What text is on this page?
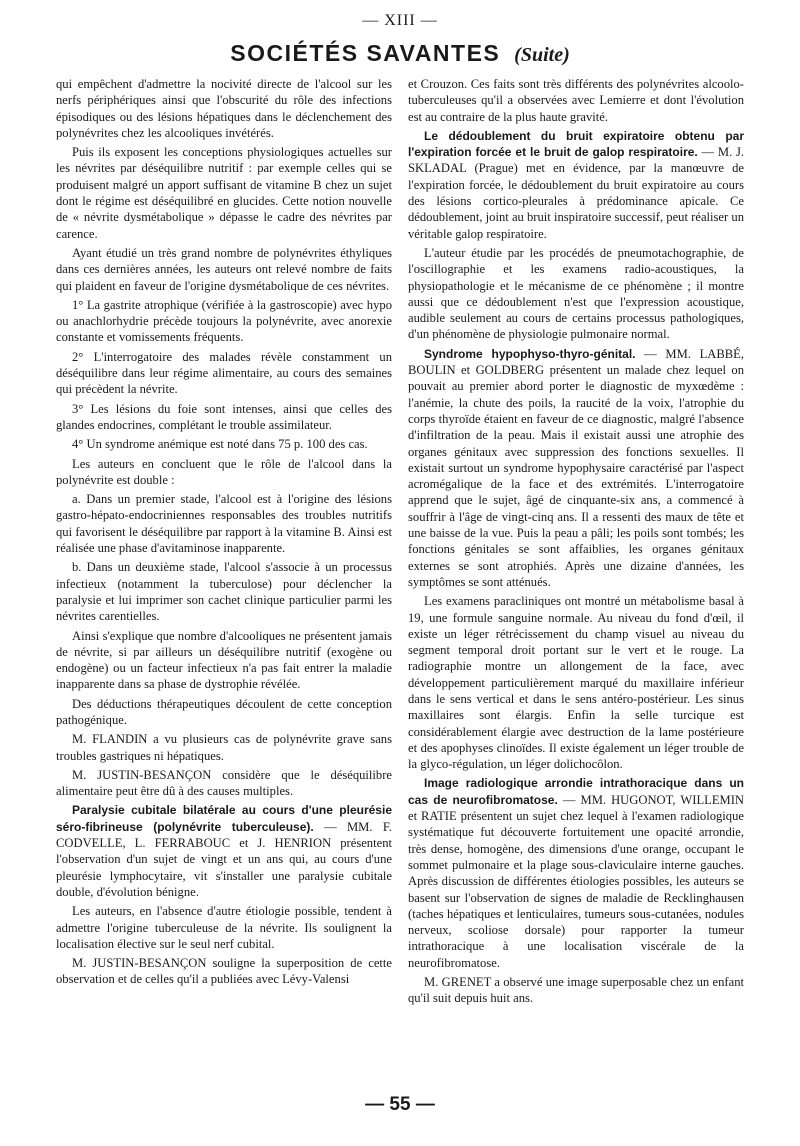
— XIII —
SOCIÉTÉS SAVANTES (Suite)

qui empêchent d'admettre la nocivité directe de l'alcool sur les nerfs périphériques ainsi que l'obscurité du rôle des infections épisodiques ou des lésions hépatiques dans le déclenchement des polynévrites chez les alcooliques invétérés.

Puis ils exposent les conceptions physiologiques actuelles sur les névrites par déséquilibre nutritif : par exemple celles qui se produisent malgré un apport suffisant de vitamine B chez un sujet dont le régime est déséquilibré en glucides. Cette notion nouvelle de « névrite dysmétabolique » dépasse le cadre des névrites par carence.

Ayant étudié un très grand nombre de polynévrites éthyliques dans ces dernières années, les auteurs ont relevé nombre de faits qui plaident en faveur de l'origine dysmétabolique de ces névrites.

1° La gastrite atrophique (vérifiée à la gastroscopie) avec hypo ou anachlorhydrie précède toujours la polynévrite, avec anorexie constante et vomissements fréquents.

2° L'interrogatoire des malades révèle constamment un déséquilibre dans leur régime alimentaire, au cours des semaines qui précèdent la névrite.

3° Les lésions du foie sont intenses, ainsi que celles des glandes endocrines, complétant le trouble assimilateur.

4° Un syndrome anémique est noté dans 75 p. 100 des cas.

Les auteurs en concluent que le rôle de l'alcool dans la polynévrite est double :

a. Dans un premier stade, l'alcool est à l'origine des lésions gastro-hépato-endocriniennes responsables des troubles nutritifs qui favorisent le déséquilibre par rapport à la vitamine B. Ainsi est réalisée une phase d'avitaminose inapparente.

b. Dans un deuxième stade, l'alcool s'associe à un processus infectieux (notamment la tuberculose) pour déclencher la paralysie et lui imprimer son cachet clinique particulier parmi les névrites carentielles.

Ainsi s'explique que nombre d'alcooliques ne présentent jamais de névrite, si par ailleurs un déséquilibre nutritif (exogène ou endogène) ou un facteur infectieux n'a pas fait entrer la maladie inapparente dans sa phase de dystrophie révélée.

Des déductions thérapeutiques découlent de cette conception pathogénique.

M. FLANDIN a vu plusieurs cas de polynévrite grave sans troubles gastriques ni hépatiques.

M. JUSTIN-BESANÇON considère que le déséquilibre alimentaire peut être dû à des causes multiples.

Paralysie cubitale bilatérale au cours d'une pleurésie séro-fibrineuse (polynévrite tuberculeuse). — MM. F. CODVELLE, L. FERRABOUC et J. HENRION présentent l'observation d'un sujet de vingt et un ans qui, au cours d'une pleurésie lymphocytaire, vit s'installer une paralysie cubitale double, d'évolution bénigne.

Les auteurs, en l'absence d'autre étiologie possible, tendent à admettre l'origine tuberculeuse de la névrite. Ils soulignent la localisation élective sur le seul nerf cubital.

M. JUSTIN-BESANÇON souligne la superposition de cette observation et de celles qu'il a publiées avec Lévy-Valensi

et Crouzon. Ces faits sont très différents des polynévrites alcoolo-tuberculeuses qu'il a observées avec Lemierre et dont l'évolution est au contraire de la plus haute gravité.

Le dédoublement du bruit expiratoire obtenu par l'expiration forcée et le bruit de galop respiratoire. — M. J. SKLADAL (Prague) met en évidence, par la manœuvre de l'expiration forcée, le dédoublement du bruit expiratoire au cours des lésions cortico-pleurales à prédominance apicale. Ce dédoublement, joint au bruit inspiratoire successif, peut réaliser un véritable galop respiratoire.

L'auteur étudie par les procédés de pneumotachographie, de l'oscillographie et les examens radio-acoustiques, la physiopathologie et le mécanisme de ce phénomène ; il montre aussi que ce dédoublement n'est que l'expression acoustique, audible seulement au cours de certains processus pathologiques, d'un phénomène de physiologie pulmonaire normal.

Syndrome hypophyso-thyro-génital. — MM. LABBÉ, BOULIN et GOLDBERG présentent un malade chez lequel on pouvait au premier abord porter le diagnostic de myxœdème : l'anémie, la chute des poils, la raucité de la voix, l'atrophie du corps thyroïde étaient en faveur de ce diagnostic, malgré l'absence d'infiltration de la peau. Mais il existait aussi une atrophie des organes génitaux avec suppression des fonctions sexuelles. Il existait surtout un syndrome hypophysaire caractérisé par l'aspect acromégalique de la face et des extrémités. L'interrogatoire apprend que le sujet, âgé de cinquante-six ans, a commencé à souffrir à l'âge de vingt-cinq ans. Il a ressenti des maux de tête et une baisse de la vue. Puis la peau a pâli; les poils sont tombés; les fonctions génitales se sont affaiblies, les organes génitaux externes se sont atrophiés. Après une dizaine d'années, les symptômes se sont atténués.

Les examens paracliniques ont montré un métabolisme basal à 19, une formule sanguine normale. Au niveau du fond d'œil, il existe un léger rétrécissement du champ visuel au niveau du segment temporal droit portant sur le vert et le rouge. La radiographie montre un allongement de la face, avec développement particulièrement marqué du maxillaire inférieur dans le sens vertical et dans le sens antéro-postérieur. Les sinus maxillaires sont élargis. Enfin la selle turcique est considérablement élargie avec destruction de la lame postérieure et des apophyses clinoïdes. Il existe également un léger trouble de la glyco-régulation, un léger dolichocôlon.

Image radiologique arrondie intrathoracique dans un cas de neurofibromatose. — MM. HUGONOT, WILLEMIN et RATIE présentent un sujet chez lequel à l'examen radiologique systématique fut découverte fortuitement une opacité arrondie, très dense, homogène, des dimensions d'une orange, occupant le sommet pulmonaire et la plage sous-claviculaire interne gauches. Après discussion de différentes étiologies possibles, les auteurs se basent sur l'observation de signes de maladie de Recklinghausen (taches hépatiques et lenticulaires, tumeurs sous-cutanées, nodules nerveux, scoliose dorsale) pour rapporter la tumeur intrathoracique à une localisation viscérale de la neurofibromatose.

M. GRENET a observé une image superposable chez un enfant qu'il suit depuis huit ans.

— 55 —
